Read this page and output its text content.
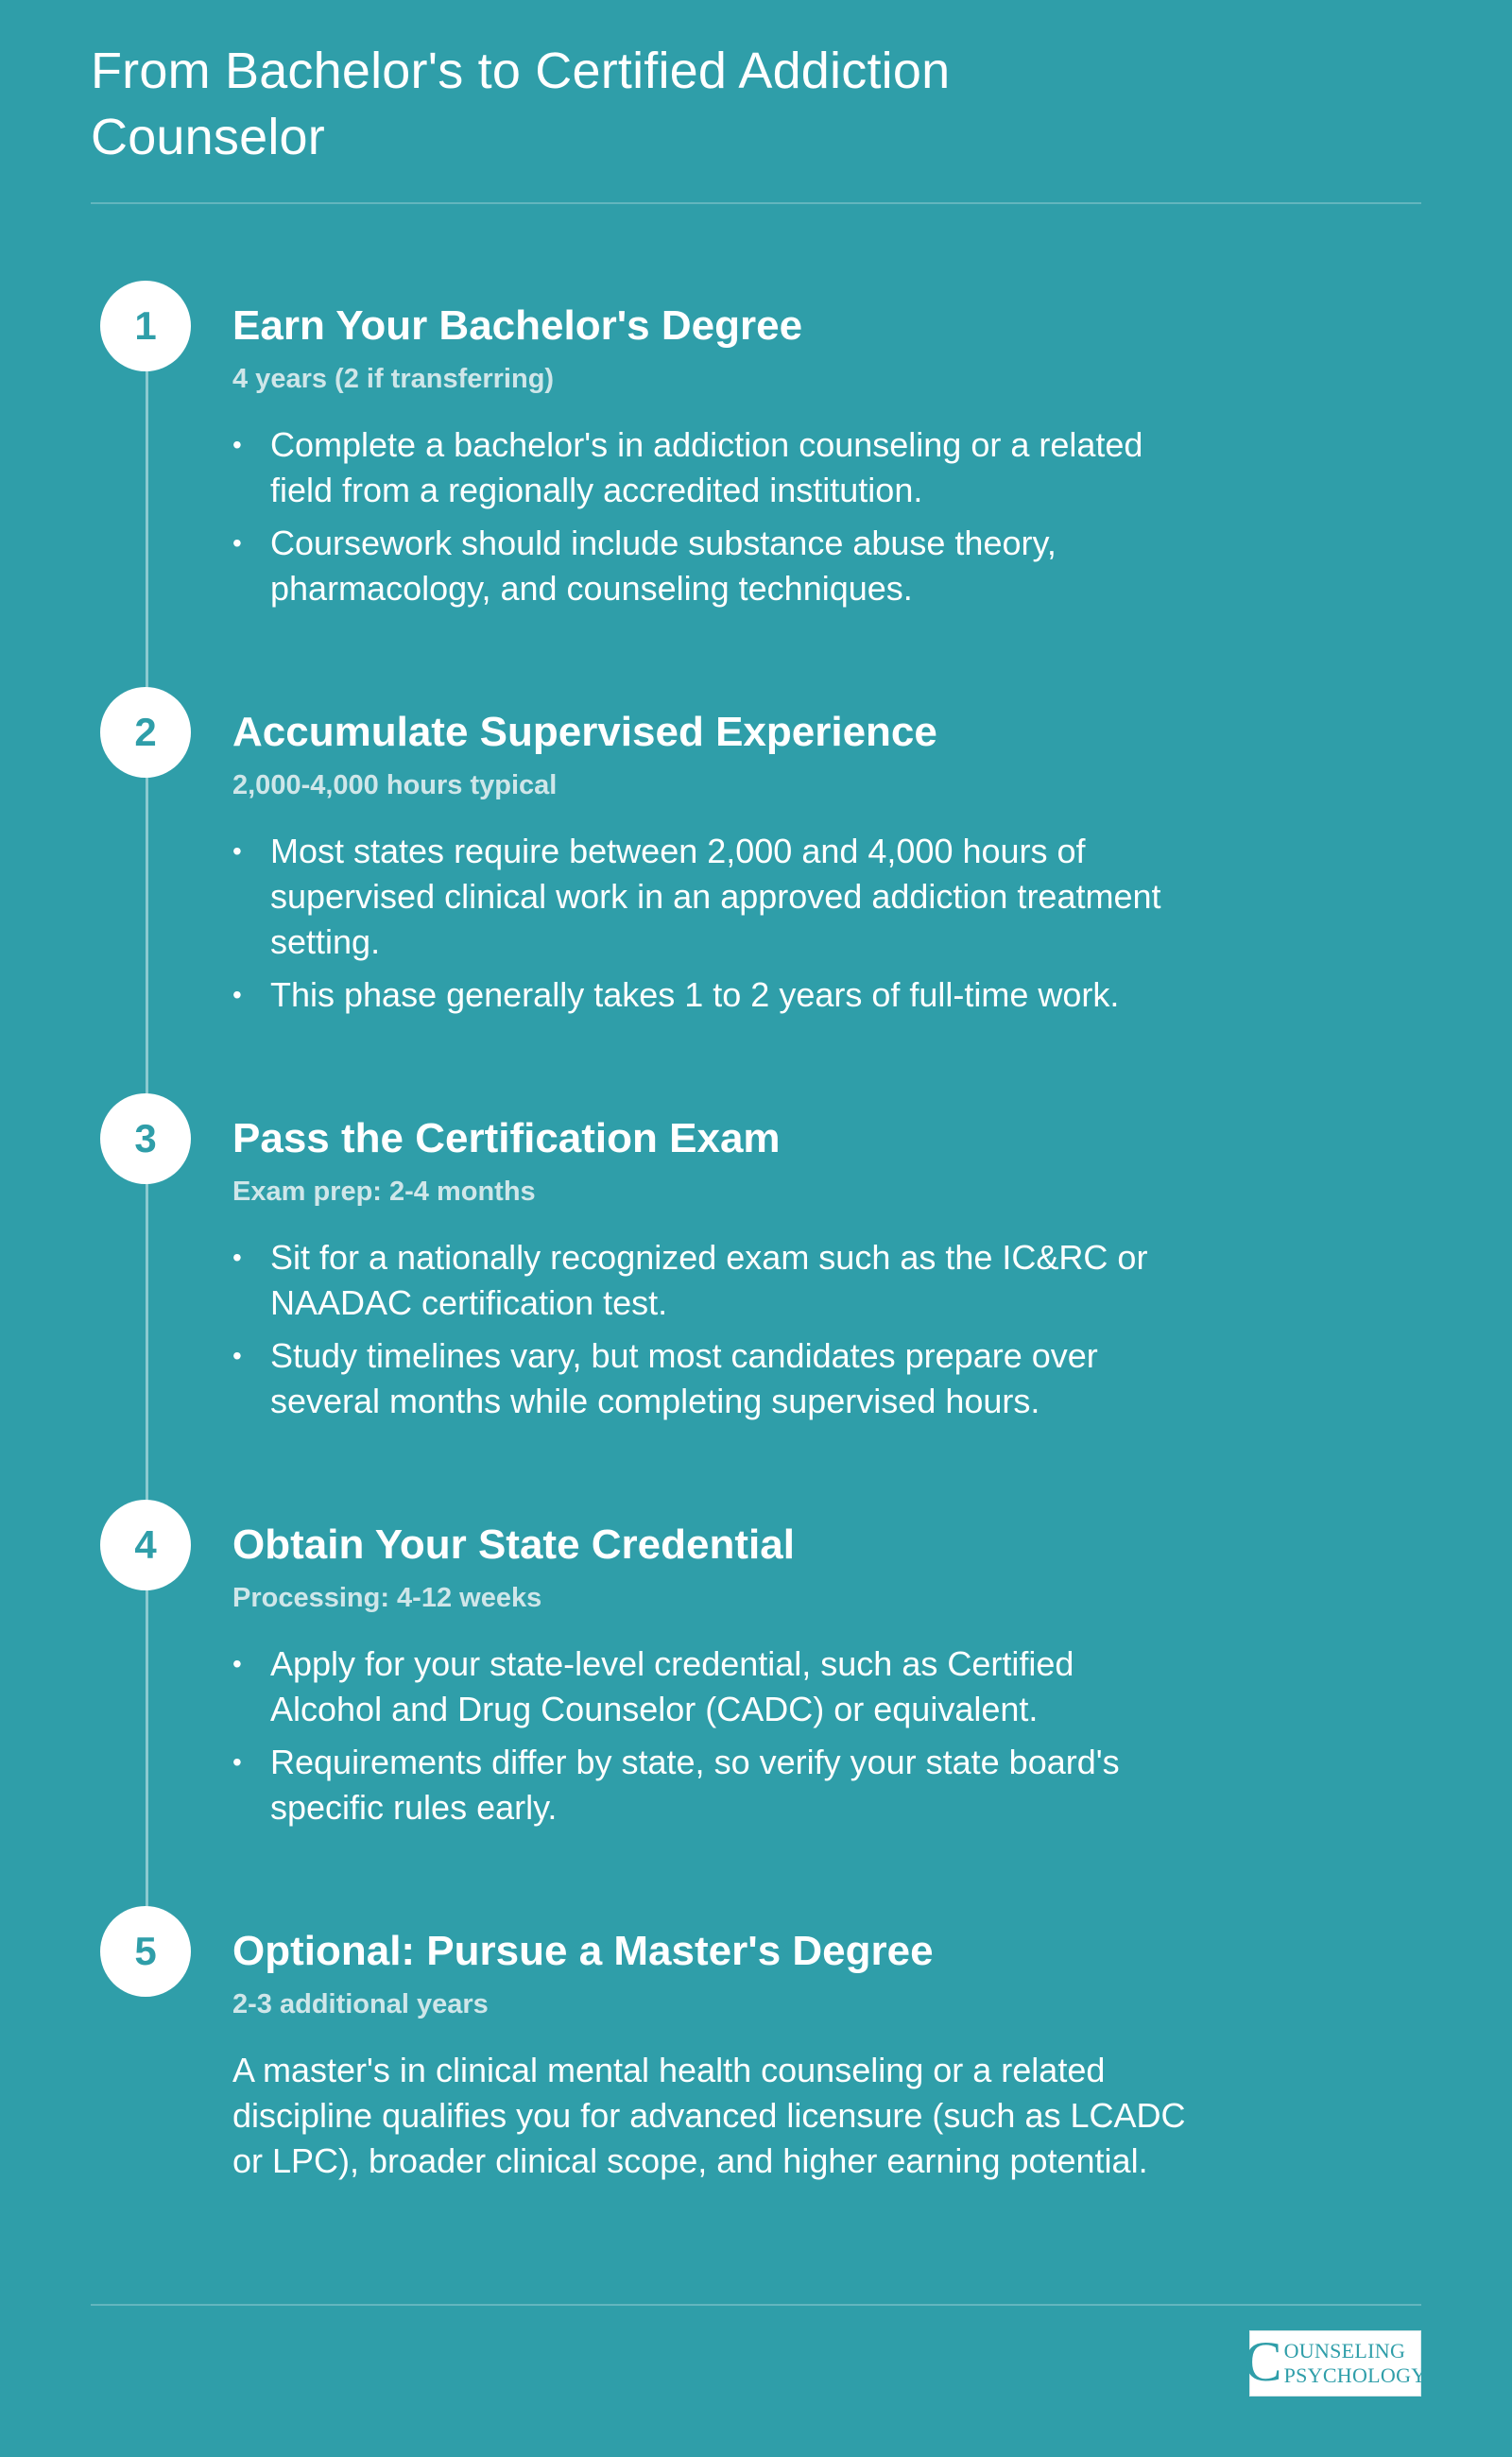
From Bachelor's to Certified Addiction Counselor
1	Earn Your Bachelor's Degree
4 years (2 if transferring)
• Complete a bachelor's in addiction counseling or a related field from a regionally accredited institution.
• Coursework should include substance abuse theory, pharmacology, and counseling techniques.
2	Accumulate Supervised Experience
2,000-4,000 hours typical
• Most states require between 2,000 and 4,000 hours of supervised clinical work in an approved addiction treatment setting.
• This phase generally takes 1 to 2 years of full-time work.
3	Pass the Certification Exam
Exam prep: 2-4 months
• Sit for a nationally recognized exam such as the IC&RC or NAADAC certification test.
• Study timelines vary, but most candidates prepare over several months while completing supervised hours.
4	Obtain Your State Credential
Processing: 4-12 weeks
• Apply for your state-level credential, such as Certified Alcohol and Drug Counselor (CADC) or equivalent.
• Requirements differ by state, so verify your state board's specific rules early.
5	Optional: Pursue a Master's Degree
2-3 additional years
A master's in clinical mental health counseling or a related discipline qualifies you for advanced licensure (such as LCADC or LPC), broader clinical scope, and higher earning potential.
C OUNSELING
PSYCHOLOGY
